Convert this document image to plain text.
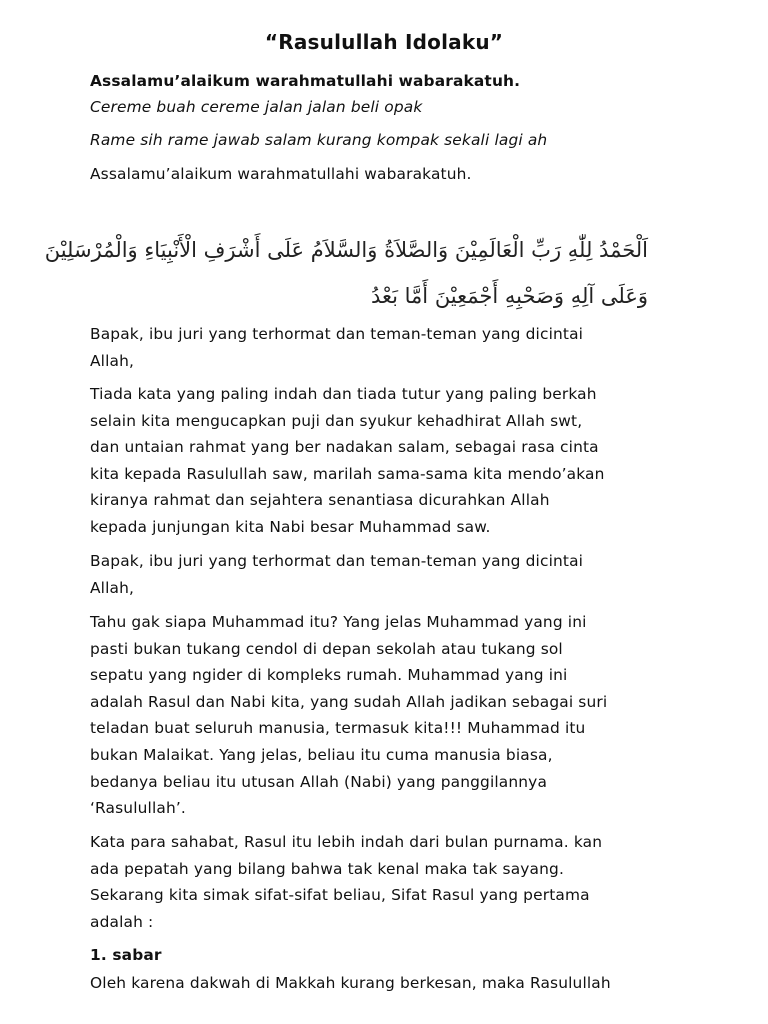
“Rasulullah Idolaku”
Assalamu’alaikum warahmatullahi wabarakatuh.
Cereme buah cereme jalan jalan beli opak
Rame sih rame jawab salam kurang kompak sekali lagi ah
Assalamu’alaikum warahmatullahi wabarakatuh.
اَلْحَمْدُ لِلّٰهِ رَبِّ الْعَالَمِيْنَ وَالصَّلاَةُ وَالسَّلاَمُ عَلَى أَشْرَفِ الْأَنْبِيَاءِ وَالْمُرْسَلِيْنَ
وَعَلَى آلِهِ وَصَحْبِهِ أَجْمَعِيْنَ أَمَّا بَعْدُ
Bapak, ibu juri yang terhormat dan teman-teman yang dicintai
Allah,
Tiada kata yang paling indah dan tiada tutur yang paling berkah
selain kita mengucapkan puji dan syukur kehadhirat Allah swt,
dan untaian rahmat yang ber nadakan salam, sebagai rasa cinta
kita kepada Rasulullah saw, marilah sama-sama kita mendo’akan
kiranya rahmat dan sejahtera senantiasa dicurahkan Allah
kepada junjungan kita Nabi besar Muhammad saw.
Bapak, ibu juri yang terhormat dan teman-teman yang dicintai
Allah,
Tahu gak siapa Muhammad itu? Yang jelas Muhammad yang ini
pasti bukan tukang cendol di depan sekolah atau tukang sol
sepatu yang ngider di kompleks rumah. Muhammad yang ini
adalah Rasul dan Nabi kita, yang sudah Allah jadikan sebagai suri
teladan buat seluruh manusia, termasuk kita!!! Muhammad itu
bukan Malaikat. Yang jelas, beliau itu cuma manusia biasa,
bedanya beliau itu utusan Allah (Nabi) yang panggilannya
‘Rasulullah’.
Kata para sahabat, Rasul itu lebih indah dari bulan purnama. kan
ada pepatah yang bilang bahwa tak kenal maka tak sayang.
Sekarang kita simak sifat-sifat beliau, Sifat Rasul yang pertama
adalah :
1. sabar
Oleh karena dakwah di Makkah kurang berkesan, maka Rasulullah
